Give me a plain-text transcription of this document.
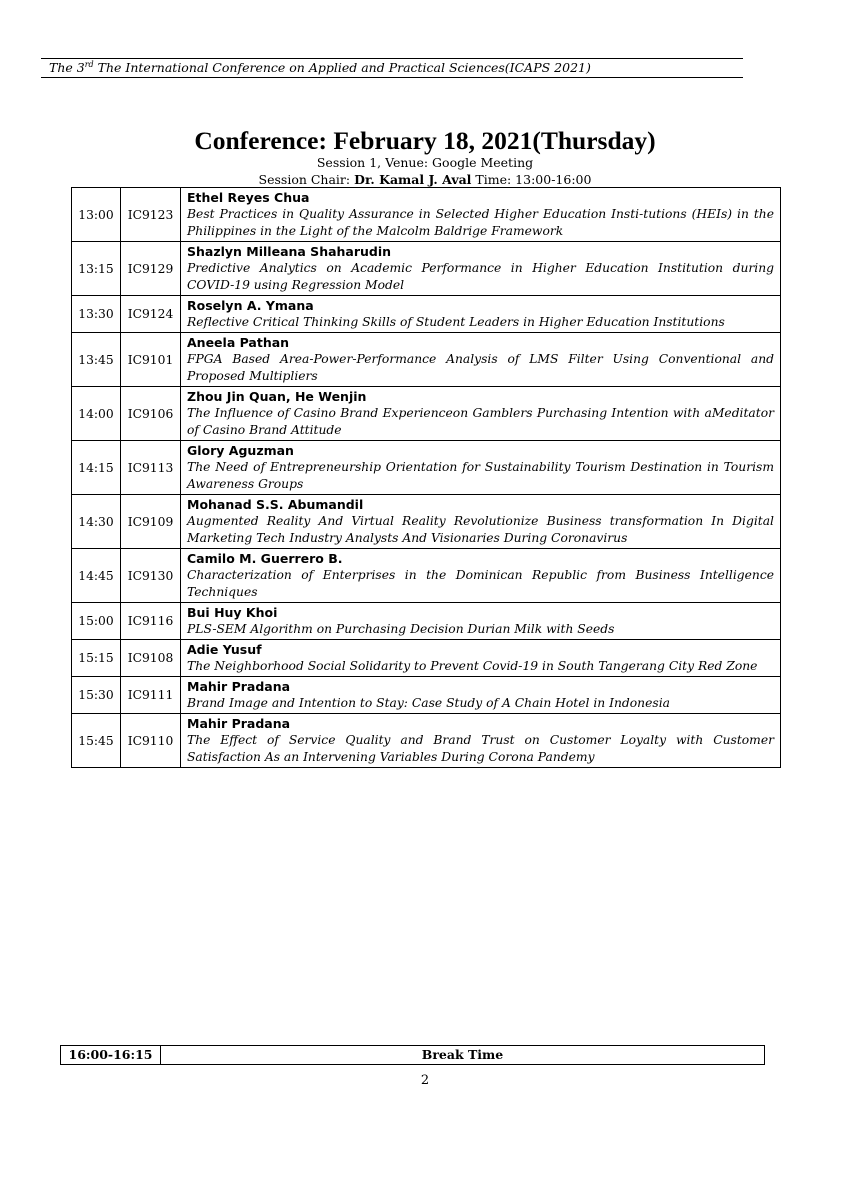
The 3rd The International Conference on Applied and Practical Sciences(ICAPS 2021)
Conference: February 18, 2021(Thursday)
Session 1, Venue: Google Meeting
Session Chair: Dr. Kamal J. Aval Time: 13:00-16:00
13:00	IC9123	Ethel Reyes Chua
Best Practices in Quality Assurance in Selected Higher Education Insti-tutions (HEIs) in the Philippines in the Light of the Malcolm Baldrige Framework

13:15	IC9129	Shazlyn Milleana Shaharudin
Predictive Analytics on Academic Performance in Higher Education Institution during COVID-19 using Regression Model

13:30	IC9124	Roselyn A. Ymana
Reflective Critical Thinking Skills of Student Leaders in Higher Education Institutions

13:45	IC9101	Aneela Pathan
FPGA Based Area-Power-Performance Analysis of LMS Filter Using Conventional and Proposed Multipliers

14:00	IC9106	Zhou Jin Quan, He Wenjin
The Influence of Casino Brand Experienceon Gamblers Purchasing Intention with aMeditator of Casino Brand Attitude

14:15	IC9113	Glory Aguzman
The Need of Entrepreneurship Orientation for Sustainability Tourism Destination in Tourism Awareness Groups

14:30	IC9109	Mohanad S.S. Abumandil
Augmented Reality And Virtual Reality Revolutionize Business transformation In Digital Marketing Tech Industry Analysts And Visionaries During Coronavirus

14:45	IC9130	Camilo M. Guerrero B.
Characterization of Enterprises in the Dominican Republic from Business Intelligence Techniques

15:00	IC9116	Bui Huy Khoi
PLS-SEM Algorithm on Purchasing Decision Durian Milk with Seeds

15:15	IC9108	Adie Yusuf
The Neighborhood Social Solidarity to Prevent Covid-19 in South Tangerang City Red Zone

15:30	IC9111	Mahir Pradana
Brand Image and Intention to Stay: Case Study of A Chain Hotel in Indonesia

15:45	IC9110	Mahir Pradana
The Effect of Service Quality and Brand Trust on Customer Loyalty with Customer Satisfaction As an Intervening Variables During Corona Pandemy
16:00-16:15	Break Time
2
